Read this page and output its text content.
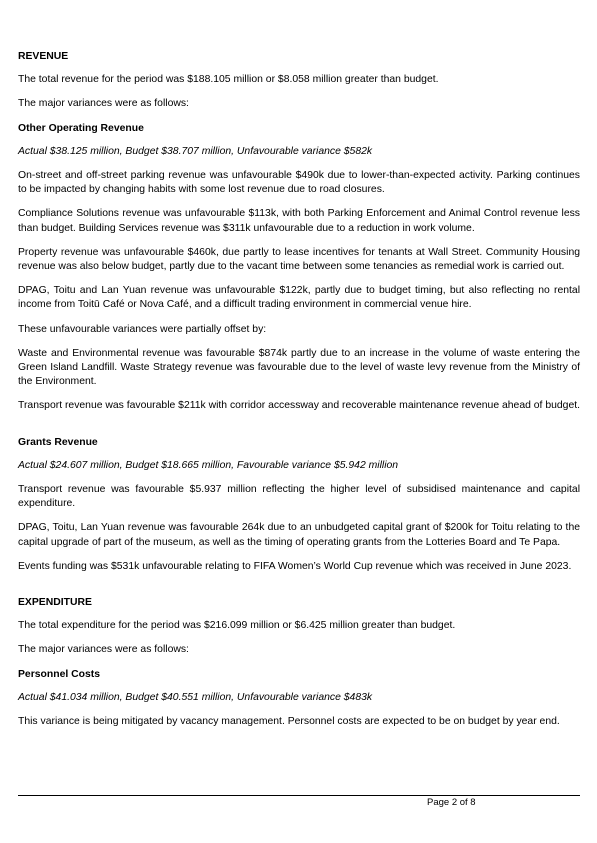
REVENUE

The total revenue for the period was $188.105 million or $8.058 million greater than budget.

The major variances were as follows:

Other Operating Revenue

Actual $38.125 million, Budget $38.707 million, Unfavourable variance $582k

On-street and off-street parking revenue was unfavourable $490k due to lower-than-expected activity. Parking continues to be impacted by changing habits with some lost revenue due to road closures.

Compliance Solutions revenue was unfavourable $113k, with both Parking Enforcement and Animal Control revenue less than budget. Building Services revenue was $311k unfavourable due to a reduction in work volume.

Property revenue was unfavourable $460k, due partly to lease incentives for tenants at Wall Street. Community Housing revenue was also below budget, partly due to the vacant time between some tenancies as remedial work is carried out.

DPAG, Toitu and Lan Yuan revenue was unfavourable $122k, partly due to budget timing, but also reflecting no rental income from Toitū Café or Nova Café, and a difficult trading environment in commercial venue hire.

These unfavourable variances were partially offset by:

Waste and Environmental revenue was favourable $874k partly due to an increase in the volume of waste entering the Green Island Landfill. Waste Strategy revenue was favourable due to the level of waste levy revenue from the Ministry of the Environment.

Transport revenue was favourable $211k with corridor accessway and recoverable maintenance revenue ahead of budget.

Grants Revenue

Actual $24.607 million, Budget $18.665 million, Favourable variance $5.942 million

Transport revenue was favourable $5.937 million reflecting the higher level of subsidised maintenance and capital expenditure.

DPAG, Toitu, Lan Yuan revenue was favourable 264k due to an unbudgeted capital grant of $200k for Toitu relating to the capital upgrade of part of the museum, as well as the timing of operating grants from the Lotteries Board and Te Papa.

Events funding was $531k unfavourable relating to FIFA Women’s World Cup revenue which was received in June 2023.

EXPENDITURE

The total expenditure for the period was $216.099 million or $6.425 million greater than budget.

The major variances were as follows:

Personnel Costs

Actual $41.034 million, Budget $40.551 million, Unfavourable variance $483k

This variance is being mitigated by vacancy management. Personnel costs are expected to be on budget by year end.

Page 2 of 8
